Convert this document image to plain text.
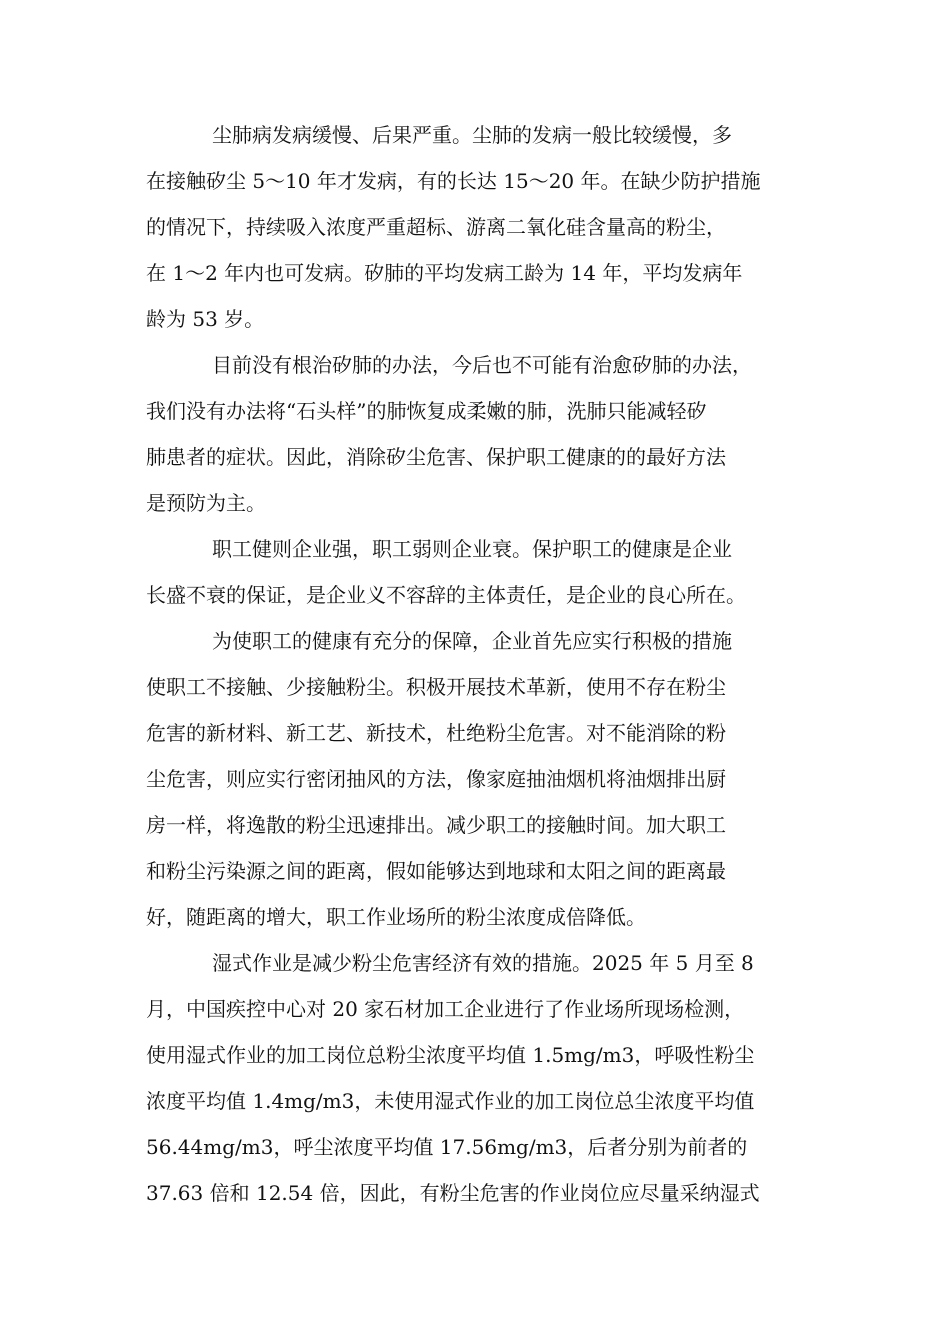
尘肺病发病缓慢、后果严重。尘肺的发病一般比较缓慢，多
在接触矽尘 5～10 年才发病，有的长达 15～20 年。在缺少防护措施
的情况下，持续吸入浓度严重超标、游离二氧化硅含量高的粉尘，
在 1～2 年内也可发病。矽肺的平均发病工龄为 14 年，平均发病年
龄为 53 岁。
目前没有根治矽肺的办法，今后也不可能有治愈矽肺的办法，
我们没有办法将“石头样”的肺恢复成柔嫩的肺，洗肺只能减轻矽
肺患者的症状。因此，消除矽尘危害、保护职工健康的的最好方法
是预防为主。
职工健则企业强，职工弱则企业衰。保护职工的健康是企业
长盛不衰的保证，是企业义不容辞的主体责任，是企业的良心所在。
为使职工的健康有充分的保障，企业首先应实行积极的措施
使职工不接触、少接触粉尘。积极开展技术革新，使用不存在粉尘
危害的新材料、新工艺、新技术，杜绝粉尘危害。对不能消除的粉
尘危害，则应实行密闭抽风的方法，像家庭抽油烟机将油烟排出厨
房一样，将逸散的粉尘迅速排出。减少职工的接触时间。加大职工
和粉尘污染源之间的距离，假如能够达到地球和太阳之间的距离最
好，随距离的增大，职工作业场所的粉尘浓度成倍降低。
湿式作业是减少粉尘危害经济有效的措施。2025 年 5 月至 8
月，中国疾控中心对 20 家石材加工企业进行了作业场所现场检测，
使用湿式作业的加工岗位总粉尘浓度平均值 1.5mg/m3，呼吸性粉尘
浓度平均值 1.4mg/m3，未使用湿式作业的加工岗位总尘浓度平均值
56.44mg/m3，呼尘浓度平均值 17.56mg/m3，后者分别为前者的
37.63 倍和 12.54 倍，因此，有粉尘危害的作业岗位应尽量采纳湿式
